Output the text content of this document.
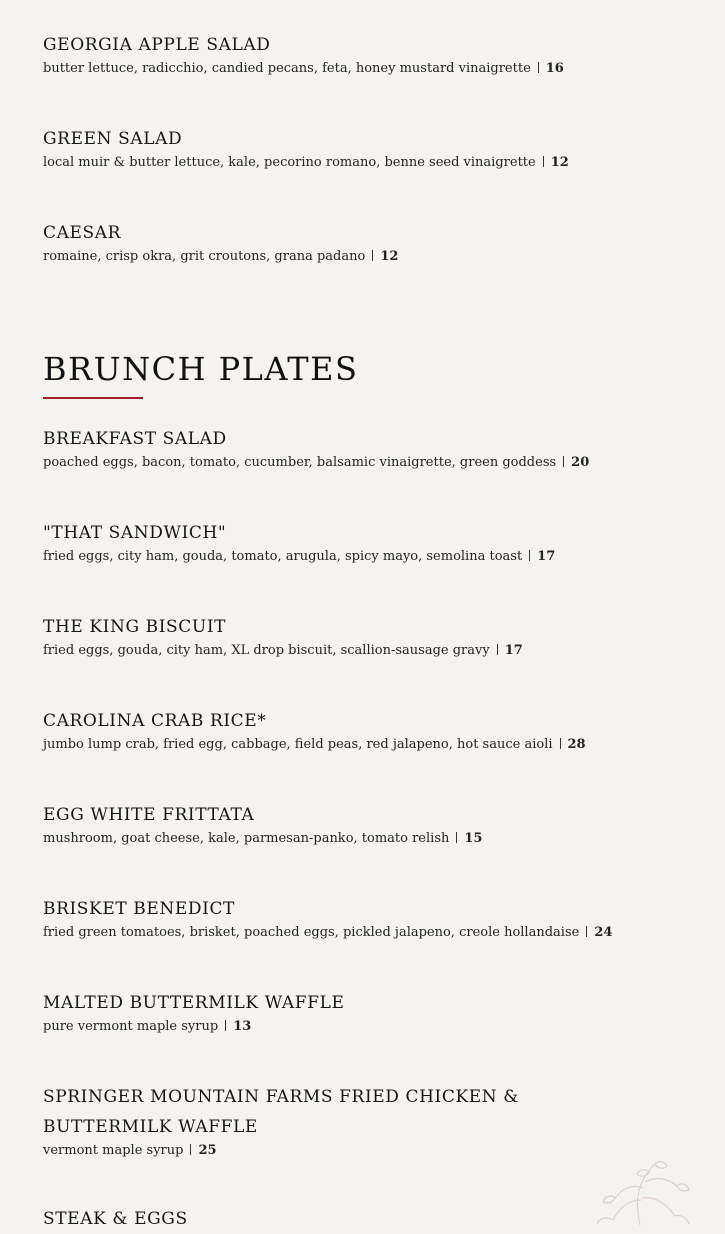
GEORGIA APPLE SALAD

butter lettuce, radicchio, candied pecans, feta, honey mustard vinaigrette 16

GREEN SALAD

local muir & butter lettuce, kale, pecorino romano, benne seed vinaigrette 12

CAESAR

romaine, crisp okra, grit croutons, grana padano 12

BRUNCH PLATES
BREAKFAST SALAD

poached eggs, bacon, tomato, cucumber, balsamic vinaigrette, green goddess 20

"THAT SANDWICH"

fried eggs, city ham, gouda, tomato, arugula, spicy mayo, semolina toast 17

THE KING BISCUIT

fried eggs, gouda, city ham, XL drop biscuit, scallion-sausage gravy 17

CAROLINA CRAB RICE*

jumbo lump crab, fried egg, cabbage, field peas, red jalapeno, hot sauce aioli 28

EGG WHITE FRITTATA

mushroom, goat cheese, kale, parmesan-panko, tomato relish 15

BRISKET BENEDICT

fried green tomatoes, brisket, poached eggs, pickled jalapeno, creole hollandaise 24

MALTED BUTTERMILK WAFFLE

pure vermont maple syrup 13

SPRINGER MOUNTAIN FARMS FRIED CHICKEN & BUTTERMILK WAFFLE

vermont maple syrup 25

STEAK & EGGS
